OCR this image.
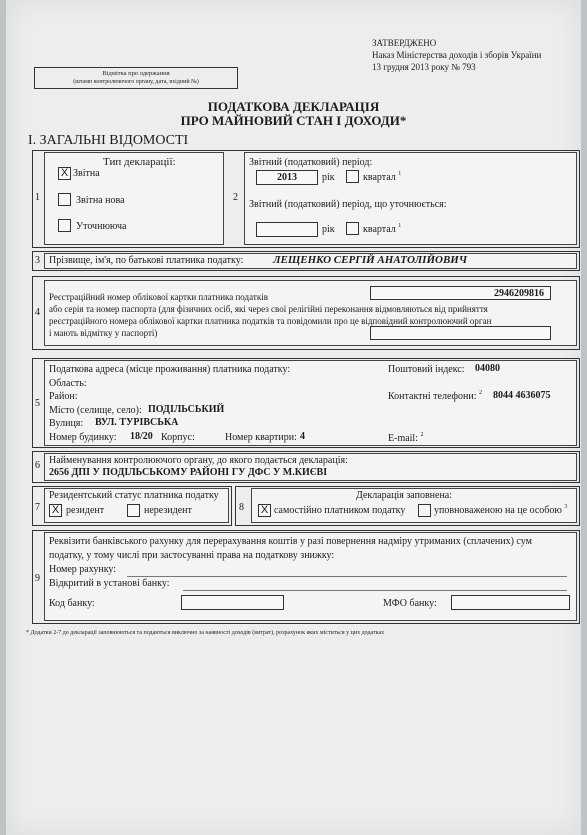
ЗАТВЕРДЖЕНО
Наказ Міністерства доходів і зборів України
13 грудня 2013 року № 793
Відмітка про одержання
(штамп контролюючого органу, дата, вхідний №)
ПОДАТКОВА ДЕКЛАРАЦІЯ
ПРО МАЙНОВИЙ СТАН І ДОХОДИ*
І. ЗАГАЛЬНІ ВІДОМОСТІ
1
Тип декларації:
X Звітна
Звітна нова
Уточнююча
2
Звітний (податковий) період:
2013	рік	квартал $^1$
Звітний (податковий) період, що уточнюється:
рік	квартал $^1$
3 Прізвище, ім'я, по батькові платника податку:	ЛЕЩЕНКО СЕРГІЙ АНАТОЛІЙОВИЧ
4
Реєстраційний номер облікової картки платника податків	2946209816
або серія та номер паспорта (для фізичних осіб, які через свої релігійні переконання відмовляються від прийняття
реєстраційного номера облікової картки платника податків та повідомили про це відповідний контролюючий орган
і мають відмітку у паспорті)
5
Податкова адреса (місце проживання) платника податку:
Область:
Район:
Місто (селище, село): ПОДІЛЬСЬКИЙ
Вулиця: ВУЛ. ТУРІВСЬКА
Номер будинку: 18/20 Корпус:	Номер квартири: 4
Поштовий індекс: 04080
Контактні телефони: $^2$ 8044 4636075
E-mail: $^2$
6 Найменування контролюючого органу, до якого подається декларація:
2656 ДПІ У ПОДІЛЬСЬКОМУ РАЙОНІ ГУ ДФС У М.КИЄВІ
7
Резидентський статус платника податку
X резидент	нерезидент	8
Декларація заповнена:
X самостійно платником податку	уповноваженою на це особою $^3$
9
Реквізити банківського рахунку для перерахування коштів у разі повернення надміру утриманих (сплачених) сум
податку, у тому числі при застосуванні права на податкову знижку:
Номер рахунку:
Відкритий в установі банку:
Код банку:	МФО банку:
* Додатки 2-7 до декларації заповнюються та подаються виключно за наявності доходів (витрат), розрахунок яких міститься у цих додатках
